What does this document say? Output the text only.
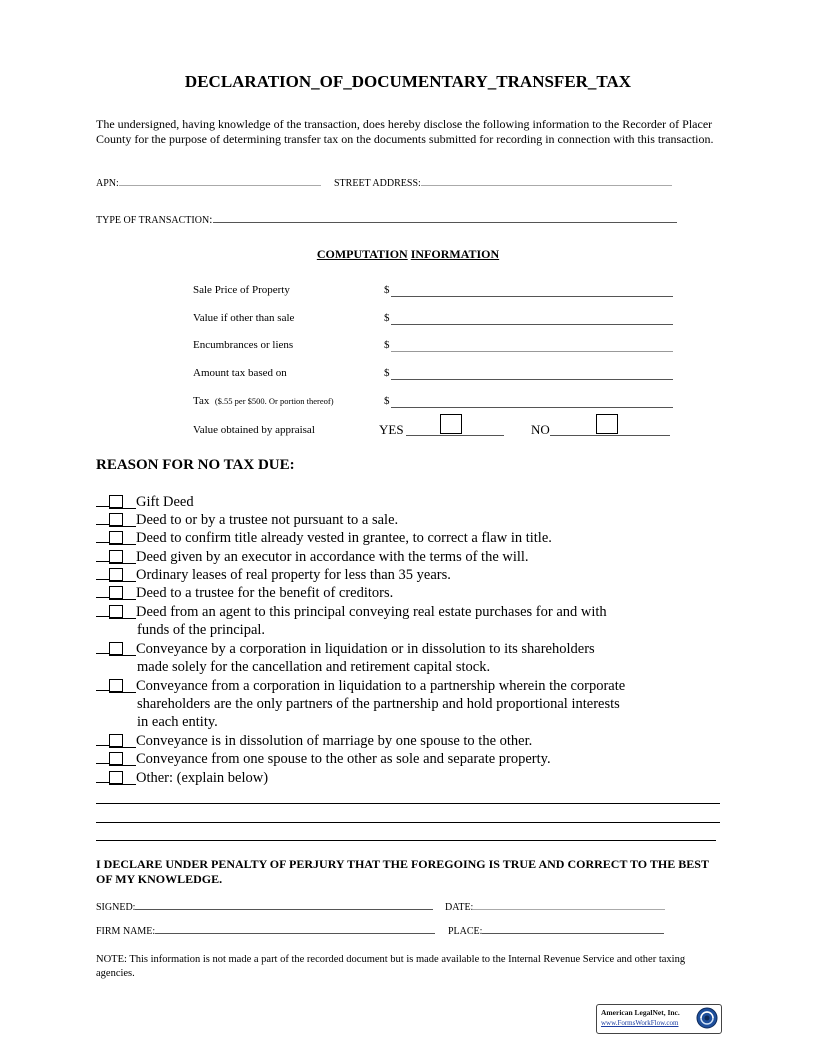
DECLARATION_OF_DOCUMENTARY_TRANSFER_TAX
The undersigned, having knowledge of the transaction, does hereby disclose the following information to the Recorder of Placer County for the purpose of determining transfer tax on the documents submitted for recording in connection with this transaction.
APN:	STREET ADDRESS:
TYPE OF TRANSACTION:
COMPUTATION INFORMATION
Sale Price of Property	$
Value if other than sale	$
Encumbrances or liens	$
Amount tax based on	$
Tax ($.55 per $500. Or portion thereof)	$
Value obtained by appraisal	YES	NO
REASON FOR NO TAX DUE:
Gift Deed
Deed to or by a trustee not pursuant to a sale.
Deed to confirm title already vested in grantee, to correct a flaw in title.
Deed given by an executor in accordance with the terms of the will.
Ordinary leases of real property for less than 35 years.
Deed to a trustee for the benefit of creditors.
Deed from an agent to this principal conveying real estate purchases for and with
funds of the principal.
Conveyance by a corporation in liquidation or in dissolution to its shareholders
made solely for the cancellation and retirement capital stock.
Conveyance from a corporation in liquidation to a partnership wherein the corporate
shareholders are the only partners of the partnership and hold proportional interests
in each entity.
Conveyance is in dissolution of marriage by one spouse to the other.
Conveyance from one spouse to the other as sole and separate property.
Other: (explain below)
I DECLARE UNDER PENALTY OF PERJURY THAT THE FOREGOING IS TRUE AND CORRECT TO THE BEST OF MY KNOWLEDGE.
SIGNED:	DATE:
FIRM NAME:	PLACE:
NOTE: This information is not made a part of the recorded document but is made available to the Internal Revenue Service and other taxing agencies.
American LegalNet, Inc.
www.FormsWorkFlow.com
